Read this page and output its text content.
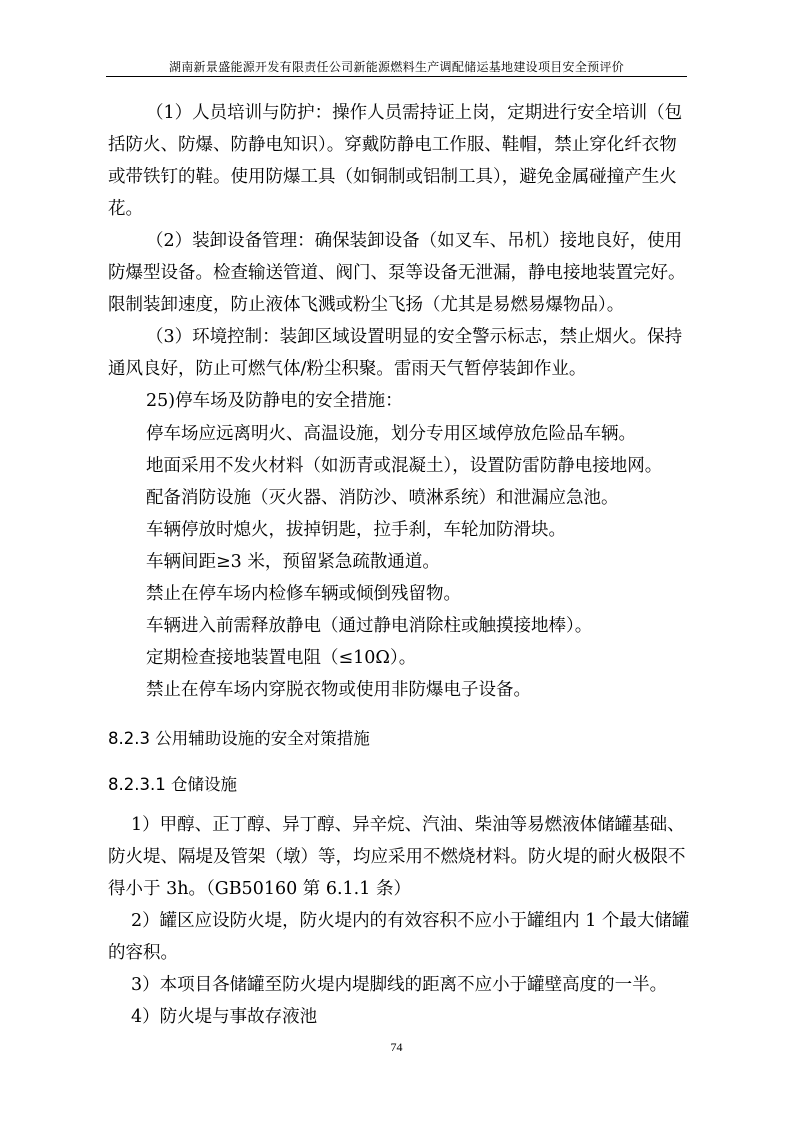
湖南新景盛能源开发有限责任公司新能源燃料生产调配储运基地建设项目安全预评价
（1）人员培训与防护：操作人员需持证上岗，定期进行安全培训（包
括防火、防爆、防静电知识）。穿戴防静电工作服、鞋帽，禁止穿化纤衣物
或带铁钉的鞋。使用防爆工具（如铜制或铝制工具），避免金属碰撞产生火
花。
（2）装卸设备管理：确保装卸设备（如叉车、吊机）接地良好，使用
防爆型设备。检查输送管道、阀门、泵等设备无泄漏，静电接地装置完好。
限制装卸速度，防止液体飞溅或粉尘飞扬（尤其是易燃易爆物品）。
（3）环境控制：装卸区域设置明显的安全警示标志，禁止烟火。保持
通风良好，防止可燃气体/粉尘积聚。雷雨天气暂停装卸作业。
25)停车场及防静电的安全措施：
停车场应远离明火、高温设施，划分专用区域停放危险品车辆。
地面采用不发火材料（如沥青或混凝土），设置防雷防静电接地网。
配备消防设施（灭火器、消防沙、喷淋系统）和泄漏应急池。
车辆停放时熄火，拔掉钥匙，拉手刹，车轮加防滑块。
车辆间距≥3 米，预留紧急疏散通道。
禁止在停车场内检修车辆或倾倒残留物。
车辆进入前需释放静电（通过静电消除柱或触摸接地棒）。
定期检查接地装置电阻（≤10Ω）。
禁止在停车场内穿脱衣物或使用非防爆电子设备。
8.2.3 公用辅助设施的安全对策措施
8.2.3.1 仓储设施
1）甲醇、正丁醇、异丁醇、异辛烷、汽油、柴油等易燃液体储罐基础、
防火堤、隔堤及管架（墩）等，均应采用不燃烧材料。防火堤的耐火极限不
得小于 3h。（GB50160 第 6.1.1 条）
2）罐区应设防火堤，防火堤内的有效容积不应小于罐组内 1 个最大储罐
的容积。
3）本项目各储罐至防火堤内堤脚线的距离不应小于罐壁高度的一半。
4）防火堤与事故存液池
74
